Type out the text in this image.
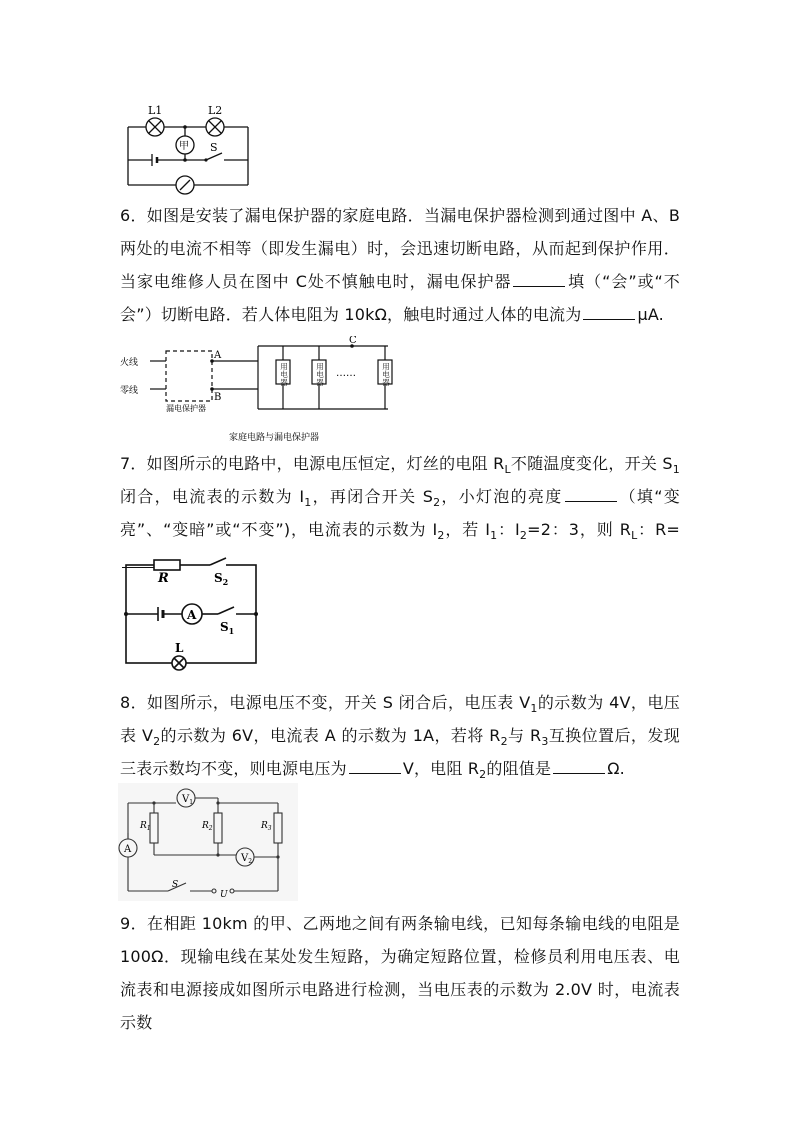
L1	L2
甲 S
6．如图是安装了漏电保护器的家庭电路．当漏电保护器检测到通过图中 A、B 两处的电流不相等（即发生漏电）时，会迅速切断电路，从而起到保护作用．当家电维修人员在图中 C处不慎触电时，漏电保护器	填（“会”或“不会”）切断电路．若人体电阻为 10kΩ，触电时通过人体的电流为	μA.
火线
零线
漏电保护器
A
B
C
……
家庭电路与漏电保护器
用
电
器
用
电
器
用
电
器
7．如图所示的电路中，电源电压恒定，灯丝的电阻 $R_L$不随温度变化，开关 $S_1$闭合，电流表的示数为 $I_1$，再闭合开关 $S_2$，小灯泡的亮度	（填“变亮”、“变暗”或“不变”)，电流表的示数为 $I_2$，若 $I_1$：$I_2=2$：3，则 $R_L$：R=
R	$S_2$
A
$S_1$
L
8．如图所示，电源电压不变，开关 S 闭合后，电压表 $V_1$的示数为 4V，电压表 $V_2$的示数为 6V，电流表 A 的示数为 1A，若将 $R_2$与 $R_3$互换位置后，发现三表示数均不变，则电源电压为	V，电阻 $R_2$的阻值是	Ω.
$V_1$
$V_2$
A
$R_1$	$R_2$	$R_3$
S
U
9．在相距 10km 的甲、乙两地之间有两条输电线，已知每条输电线的电阻是 100Ω．现输电线在某处发生短路，为确定短路位置，检修员利用电压表、电流表和电源接成如图所示电路进行检测，当电压表的示数为 2.0V 时，电流表示数
